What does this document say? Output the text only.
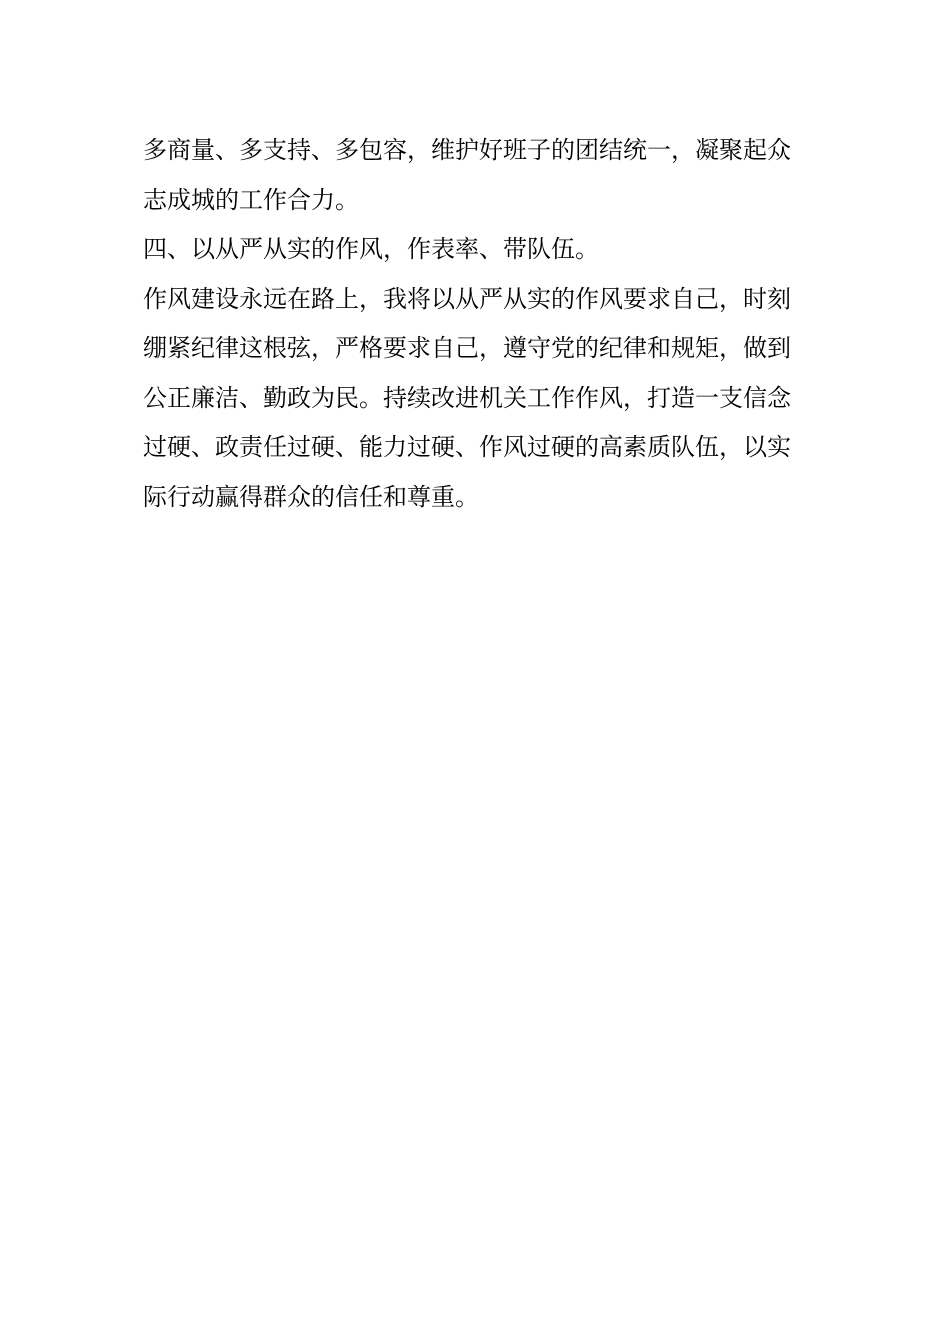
多商量、多支持、多包容，维护好班子的团结统一，凝聚起众
志成城的工作合力。
四、以从严从实的作风，作表率、带队伍。
作风建设永远在路上，我将以从严从实的作风要求自己，时刻
绷紧纪律这根弦，严格要求自己，遵守党的纪律和规矩，做到
公正廉洁、勤政为民。持续改进机关工作作风，打造一支信念
过硬、政责任过硬、能力过硬、作风过硬的高素质队伍，以实
际行动赢得群众的信任和尊重。
